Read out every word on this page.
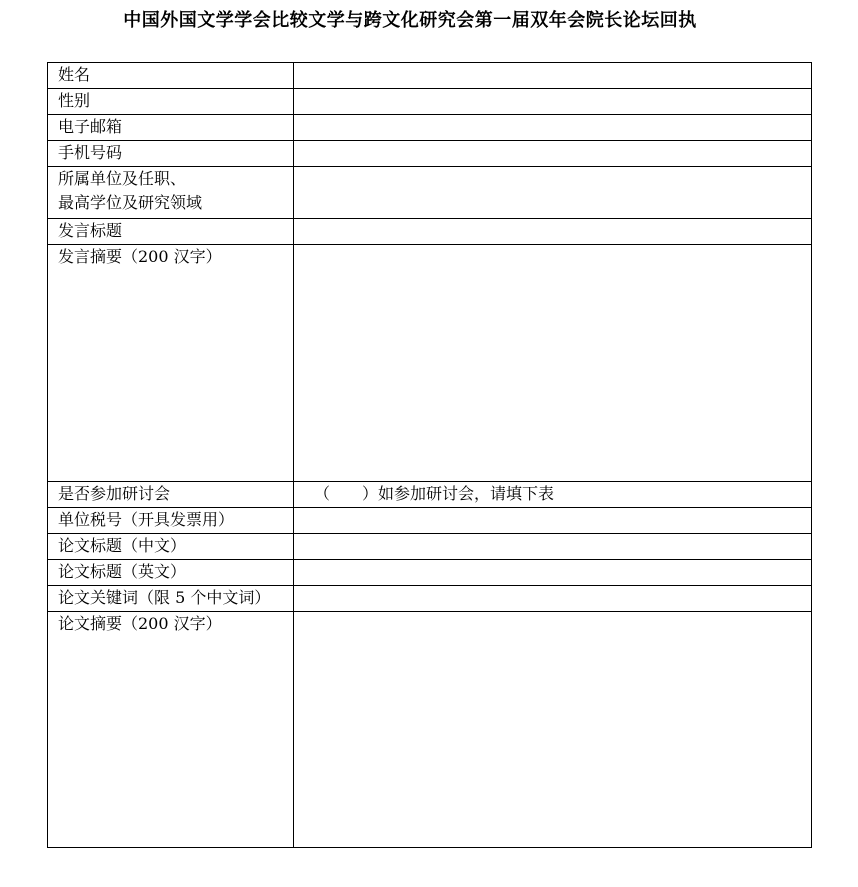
中国外国文学学会比较文学与跨文化研究会第一届双年会院长论坛回执
姓名	
性别	
电子邮箱	
手机号码	

所属单位及任职、
最高学位及研究领域	

发言标题	
发言摘要（200 汉字）	
是否参加研讨会	（　　）如参加研讨会，请填下表
单位税号（开具发票用）	
论文标题（中文）	
论文标题（英文）	
论文关键词（限 5 个中文词）	
论文摘要（200 汉字）	
